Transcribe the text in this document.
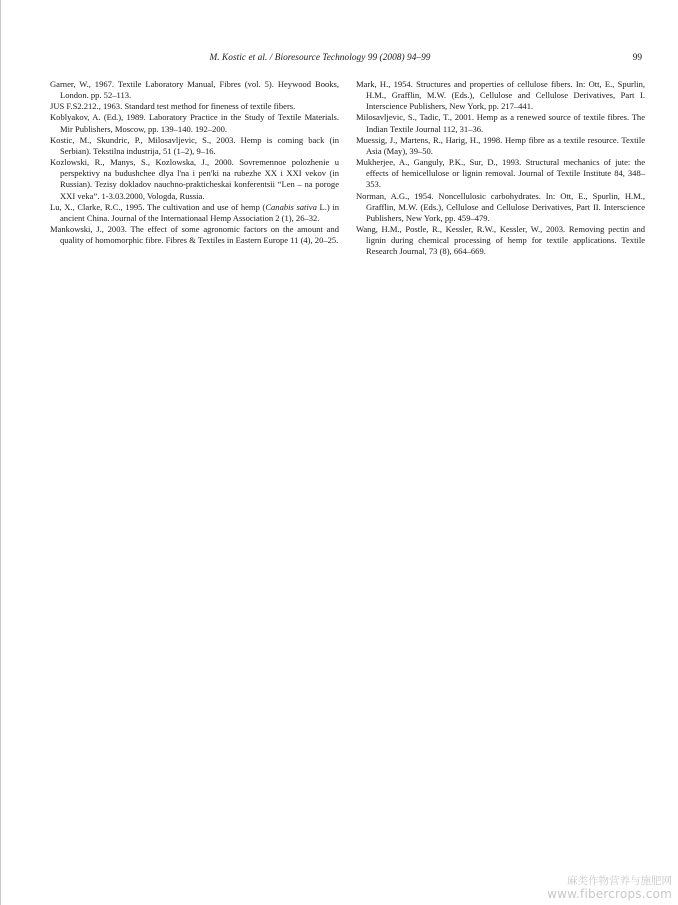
M. Kostic et al. / Bioresource Technology 99 (2008) 94–99	99

Garner, W., 1967. Textile Laboratory Manual, Fibres (vol. 5). Heywood Books, London. pp. 52–113.

JUS F.S2.212., 1963. Standard test method for fineness of textile fibers.

Koblyakov, A. (Ed.), 1989. Laboratory Practice in the Study of Textile Materials. Mir Publishers, Moscow, pp. 139–140. 192–200.

Kostic, M., Skundric, P., Milosavljevic, S., 2003. Hemp is coming back (in Serbian). Tekstilna industrija, 51 (1–2), 9–16.

Kozlowski, R., Manys, S., Kozlowska, J., 2000. Sovremennoe polozhenie u perspektivy na budushchee dlya l'na i pen'ki na rubezhe XX i XXI vekov (in Russian). Tezisy dokladov nauchno-prakticheskai konferentsii “Len – na poroge XXI veka”. 1-3.03.2000, Vologda, Russia.

Lu, X., Clarke, R.C., 1995. The cultivation and use of hemp (Canabis sativa L.) in ancient China. Journal of the Internationaal Hemp Association 2 (1), 26–32.

Mankowski, J., 2003. The effect of some agronomic factors on the amount and quality of homomorphic fibre. Fibres & Textiles in Eastern Europe 11 (4), 20–25.

Mark, H., 1954. Structures and properties of cellulose fibers. In: Ott, E., Spurlin, H.M., Grafflin, M.W. (Eds.), Cellulose and Cellulose Derivatives, Part I. Interscience Publishers, New York, pp. 217–441.

Milosavljevic, S., Tadic, T., 2001. Hemp as a renewed source of textile fibres. The Indian Textile Journal 112, 31–36.

Muessig, J., Martens, R., Harig, H., 1998. Hemp fibre as a textile resource. Textile Asia (May), 39–50.

Mukherjee, A., Ganguly, P.K., Sur, D., 1993. Structural mechanics of jute: the effects of hemicellulose or lignin removal. Journal of Textile Institute 84, 348–353.

Norman, A.G., 1954. Noncellulosic carbohydrates. In: Ott, E., Spurlin, H.M., Grafflin, M.W. (Eds.), Cellulose and Cellulose Derivatives, Part II. Interscience Publishers, New York, pp. 459–479.

Wang, H.M., Postle, R., Kessler, R.W., Kessler, W., 2003. Removing pectin and lignin during chemical processing of hemp for textile applications. Textile Research Journal, 73 (8), 664–669.

麻类作物营养与施肥网
www.fibercrops.com
